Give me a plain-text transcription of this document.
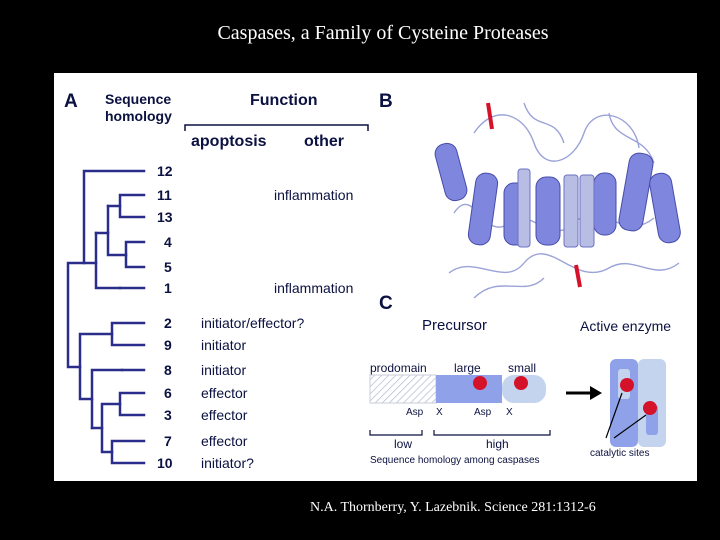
Caspases, a Family of Cysteine Proteases
A Sequence
homology
Function
apoptosis other
12
11	inflammation
13
4
5
1	inflammation
2 initiator/effector?
9 initiator
8 initiator
6 effector
3 effector
7 effector
10 initiator?
B
C
Precursor	Active enzyme
prodomain large small
Asp X	Asp X
low	high
Sequence homology among caspases
catalytic sites
N.A. Thornberry, Y. Lazebnik. Science 281:1312-6
